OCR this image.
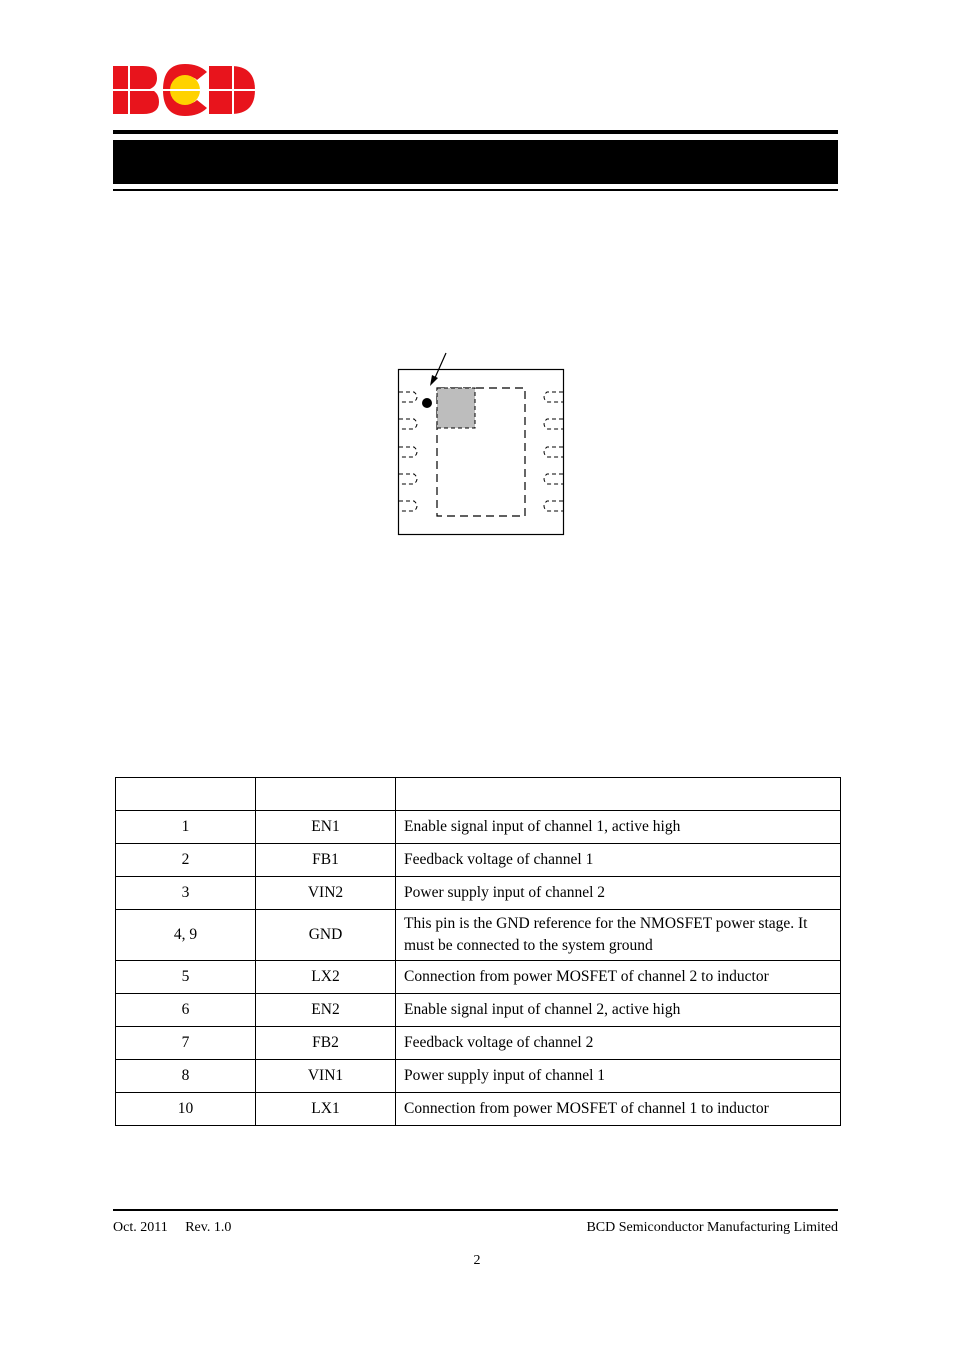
1	EN1	Enable signal input of channel 1, active high
2	FB1	Feedback voltage of channel 1
3	VIN2	Power supply input of channel 2
4, 9	GND	This pin is the GND reference for the NMOSFET power stage. It must be connected to the system ground
5	LX2	Connection from power MOSFET of channel 2 to inductor
6	EN2	Enable signal input of channel 2, active high
7	FB2	Feedback voltage of channel 2
8	VIN1	Power supply input of channel 1
10	LX1	Connection from power MOSFET of channel 1 to inductor
Oct. 2011 Rev. 1.0	BCD Semiconductor Manufacturing Limited
2
